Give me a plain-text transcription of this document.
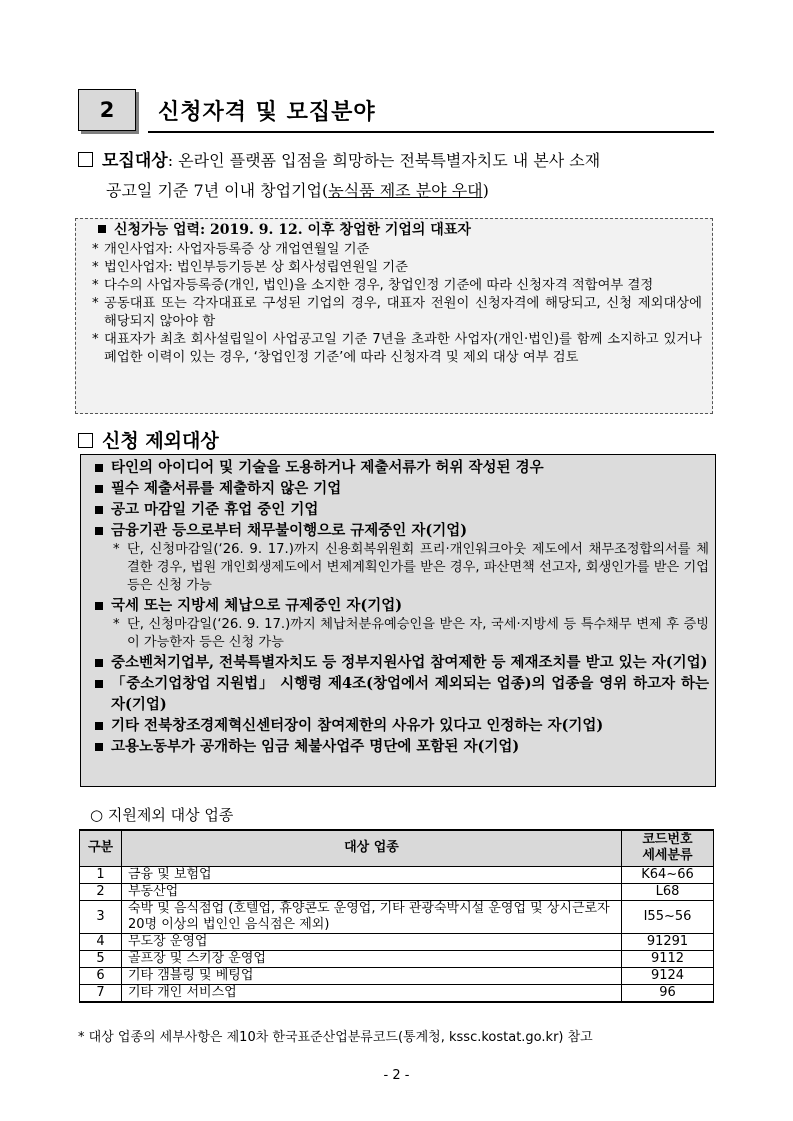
2	신청자격 및 모집분야
모집대상: 온라인 플랫폼 입점을 희망하는 전북특별자치도 내 본사 소재
공고일 기준 7년 이내 창업기업(농식품 제조 분야 우대)
신청가능 업력: 2019. 9. 12. 이후 창업한 기업의 대표자
* 개인사업자: 사업자등록증 상 개업연월일 기준
* 법인사업자: 법인부등기등본 상 회사성립연원일 기준
* 다수의 사업자등록증(개인, 법인)을 소지한 경우, 창업인정 기준에 따라 신청자격 적합여부 결정
* 공동대표 또는 각자대표로 구성된 기업의 경우, 대표자 전원이 신청자격에 해당되고, 신청 제외대상에 해당되지 않아야 함
* 대표자가 최초 회사설립일이 사업공고일 기준 7년을 초과한 사업자(개인·법인)를 함께 소지하고 있거나 폐업한 이력이 있는 경우, ‘창업인정 기준’에 따라 신청자격 및 제외 대상 여부 검토
신청 제외대상
타인의 아이디어 및 기술을 도용하거나 제출서류가 허위 작성된 경우
필수 제출서류를 제출하지 않은 기업
공고 마감일 기준 휴업 중인 기업
금융기관 등으로부터 채무불이행으로 규제중인 자(기업)
* 단, 신청마감일(‘26. 9. 17.)까지 신용회복위원회 프리·개인워크아웃 제도에서 채무조정합의서를 체결한 경우, 법원 개인회생제도에서 변제계획인가를 받은 경우, 파산면책 선고자, 회생인가를 받은 기업 등은 신청 가능
국세 또는 지방세 체납으로 규제중인 자(기업)
* 단, 신청마감일(‘26. 9. 17.)까지 체납처분유예승인을 받은 자, 국세·지방세 등 특수채무 변제 후 증빙이 가능한자 등은 신청 가능
중소벤처기업부, 전북특별자치도 등 정부지원사업 참여제한 등 제재조치를 받고 있는 자(기업)
「중소기업창업 지원법」 시행령 제4조(창업에서 제외되는 업종)의 업종을 영위 하고자 하는 자(기업)
기타 전북창조경제혁신센터장이 참여제한의 사유가 있다고 인정하는 자(기업)
고용노동부가 공개하는 임금 체불사업주 명단에 포함된 자(기업)
○ 지원제외 대상 업종
구분	대상 업종	코드번호
세세분류
1	금융 및 보험업	K64~66
2	부동산업	L68
3	숙박 및 음식점업 (호텔업, 휴양콘도 운영업, 기타 관광숙박시설 운영업 및 상시근로자 20명 이상의 법인인 음식점은 제외)	I55~56
4	무도장 운영업	91291
5	골프장 및 스키장 운영업	9112
6	기타 갬블링 및 베팅업	9124
7	기타 개인 서비스업	96
* 대상 업종의 세부사항은 제10차 한국표준산업분류코드(통계청, kssc.kostat.go.kr) 참고
- 2 -
